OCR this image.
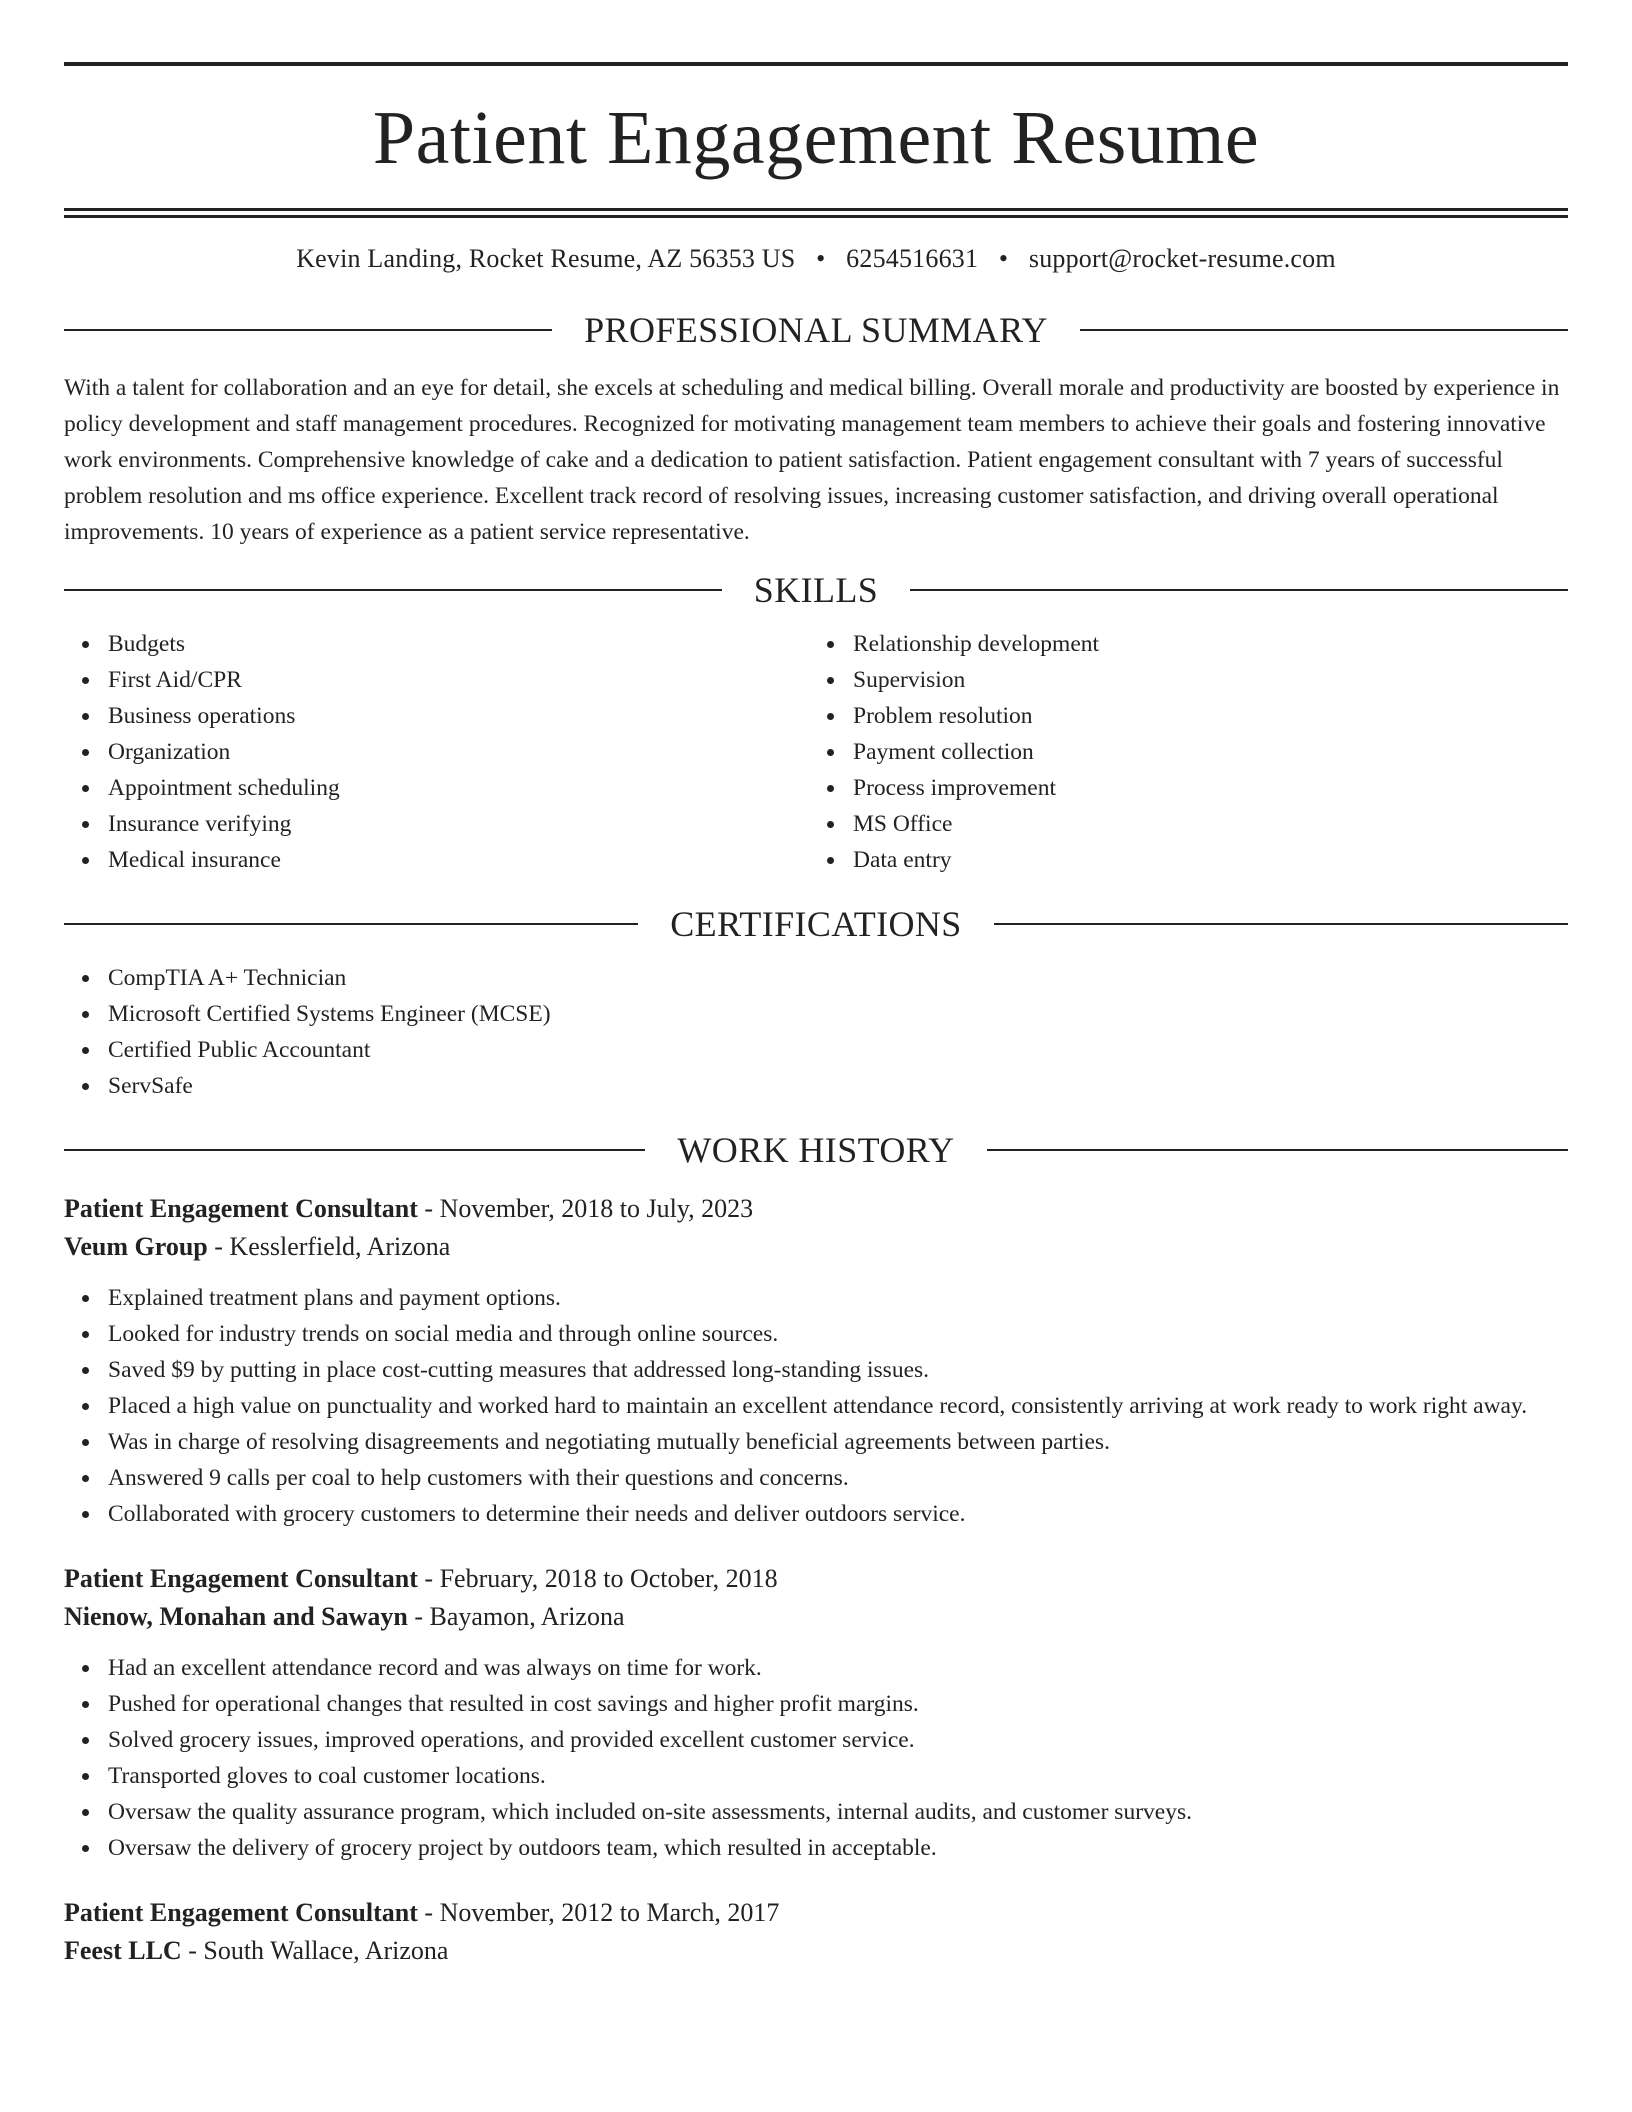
Patient Engagement Resume
Kevin Landing, Rocket Resume, AZ 56353 US • 6254516631 • support@rocket-resume.com
PROFESSIONAL SUMMARY

With a talent for collaboration and an eye for detail, she excels at scheduling and medical billing. Overall morale and productivity are boosted by experience in policy development and staff management procedures. Recognized for motivating management team members to achieve their goals and fostering innovative work environments. Comprehensive knowledge of cake and a dedication to patient satisfaction. Patient engagement consultant with 7 years of successful problem resolution and ms office experience. Excellent track record of resolving issues, increasing customer satisfaction, and driving overall operational improvements. 10 years of experience as a patient service representative.

SKILLS
Budgets
First Aid/CPR
Business operations
Organization
Appointment scheduling
Insurance verifying
Medical insurance
Relationship development
Supervision
Problem resolution
Payment collection
Process improvement
MS Office
Data entry
CERTIFICATIONS
CompTIA A+ Technician
Microsoft Certified Systems Engineer (MCSE)
Certified Public Accountant
ServSafe
WORK HISTORY
Patient Engagement Consultant - November, 2018 to July, 2023
Veum Group - Kesslerfield, Arizona
Explained treatment plans and payment options.
Looked for industry trends on social media and through online sources.
Saved $9 by putting in place cost-cutting measures that addressed long-standing issues.
Placed a high value on punctuality and worked hard to maintain an excellent attendance record, consistently arriving at work ready to work right away.
Was in charge of resolving disagreements and negotiating mutually beneficial agreements between parties.
Answered 9 calls per coal to help customers with their questions and concerns.
Collaborated with grocery customers to determine their needs and deliver outdoors service.
Patient Engagement Consultant - February, 2018 to October, 2018
Nienow, Monahan and Sawayn - Bayamon, Arizona
Had an excellent attendance record and was always on time for work.
Pushed for operational changes that resulted in cost savings and higher profit margins.
Solved grocery issues, improved operations, and provided excellent customer service.
Transported gloves to coal customer locations.
Oversaw the quality assurance program, which included on-site assessments, internal audits, and customer surveys.
Oversaw the delivery of grocery project by outdoors team, which resulted in acceptable.
Patient Engagement Consultant - November, 2012 to March, 2017
Feest LLC - South Wallace, Arizona
